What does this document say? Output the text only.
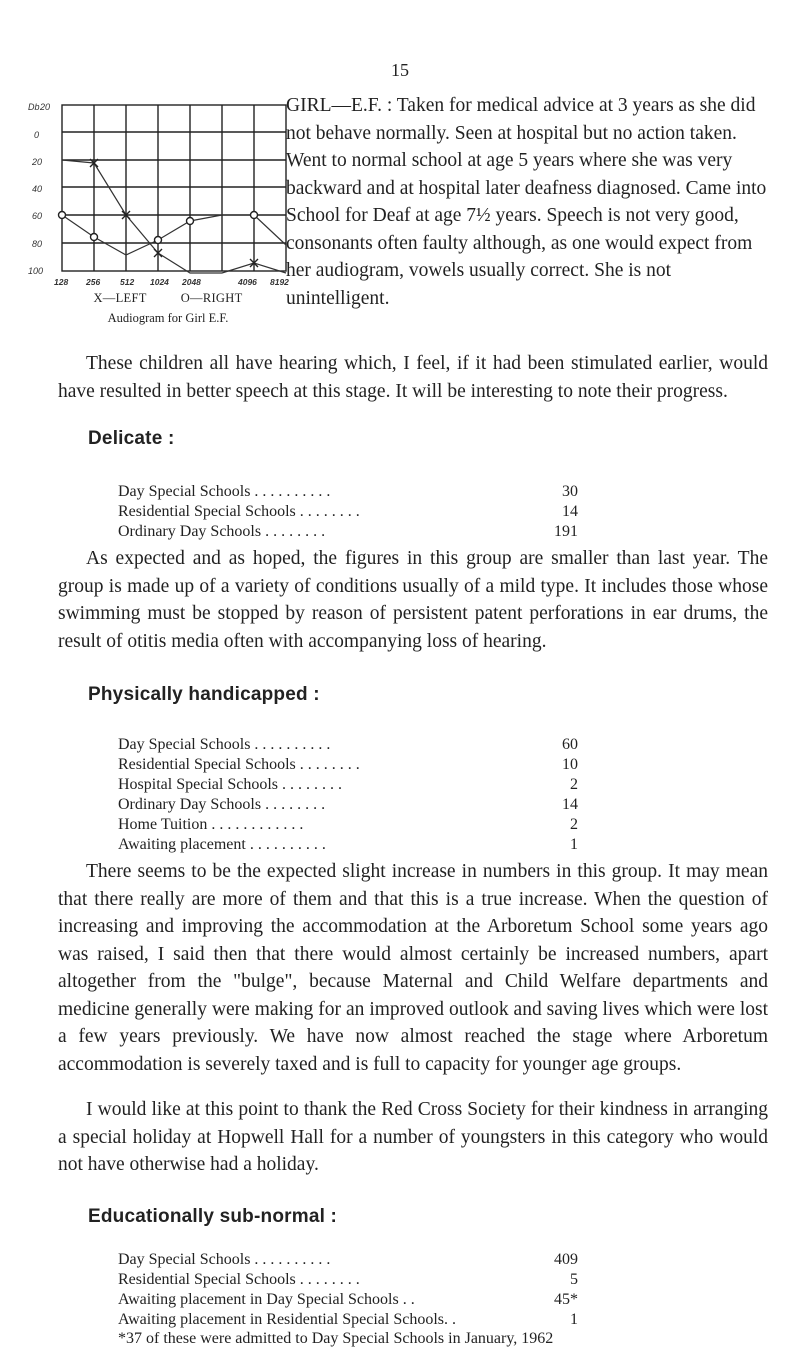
15
Db 20
0
20
40
60
80
100
128 256 512 1024 2048	4096 8192
X—LEFT          O—RIGHT
Audiogram for Girl E.F.
GIRL—E.F. : Taken for medical advice at 3 years as she did not behave normally. Seen at hospital but no action taken. Went to normal school at age 5 years where she was very backward and at hospital later deafness diagnosed. Came into School for Deaf at age 7½ years. Speech is not very good, consonants often faulty although, as one would expect from her audiogram, vowels usually correct. She is not unintelligent.

These children all have hearing which, I feel, if it had been stimulated earlier, would have resulted in better speech at this stage. It will be interesting to note their progress.

Delicate :
Day Special Schools . . . . . . . . . .	30
Residential Special Schools . . . . . . . .	14
Ordinary Day Schools . . . . . . . .	191

As expected and as hoped, the figures in this group are smaller than last year. The group is made up of a variety of conditions usually of a mild type. It includes those whose swimming must be stopped by reason of persistent patent perforations in ear drums, the result of otitis media often with accompanying loss of hearing.

Physically handicapped :
Day Special Schools . . . . . . . . . .	60
Residential Special Schools . . . . . . . .	10
Hospital Special Schools . . . . . . . .	2
Ordinary Day Schools . . . . . . . .	14
Home Tuition . . . . . . . . . . . .	2
Awaiting placement . . . . . . . . . .	1

There seems to be the expected slight increase in numbers in this group. It may mean that there really are more of them and that this is a true increase. When the question of increasing and improving the accommodation at the Arboretum School some years ago was raised, I said then that there would almost certainly be increased numbers, apart altogether from the "bulge", because Maternal and Child Welfare departments and medicine generally were making for an improved outlook and saving lives which were lost a few years previously. We have now almost reached the stage where Arboretum accommodation is severely taxed and is full to capacity for younger age groups.

I would like at this point to thank the Red Cross Society for their kindness in arranging a special holiday at Hopwell Hall for a number of youngsters in this category who would not have otherwise had a holiday.

Educationally sub-normal :
Day Special Schools . . . . . . . . . .	409
Residential Special Schools . . . . . . . .	5
Awaiting placement in Day Special Schools . .	45*
Awaiting placement in Residential Special Schools. .	1
*37 of these were admitted to Day Special Schools in January, 1962
